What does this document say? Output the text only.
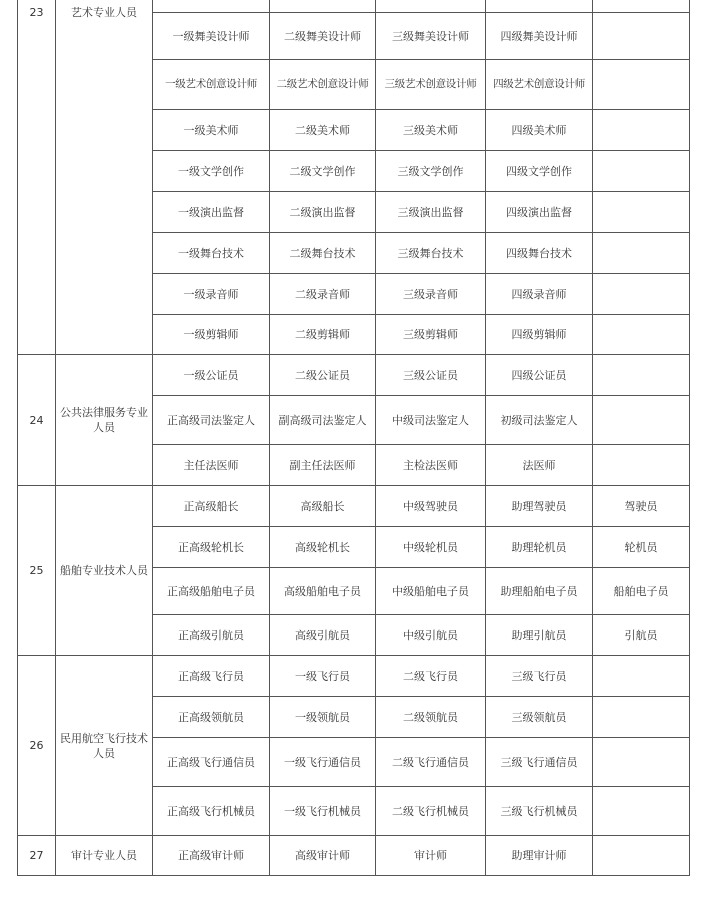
23	艺术专业人员					
		一级舞美设计师	二级舞美设计师	三级舞美设计师	四级舞美设计师	
		一级艺术创意设计师	二级艺术创意设计师	三级艺术创意设计师	四级艺术创意设计师	
		一级美术师	二级美术师	三级美术师	四级美术师	
		一级文学创作	二级文学创作	三级文学创作	四级文学创作	
		一级演出监督	二级演出监督	三级演出监督	四级演出监督	
		一级舞台技术	二级舞台技术	三级舞台技术	四级舞台技术	
		一级录音师	二级录音师	三级录音师	四级录音师	
		一级剪辑师	二级剪辑师	三级剪辑师	四级剪辑师	
24	公共法律服务专业人员	一级公证员	二级公证员	三级公证员	四级公证员	
		正高级司法鉴定人	副高级司法鉴定人	中级司法鉴定人	初级司法鉴定人	
		主任法医师	副主任法医师	主检法医师	法医师	
25	船舶专业技术人员	正高级船长	高级船长	中级驾驶员	助理驾驶员	驾驶员
		正高级轮机长	高级轮机长	中级轮机员	助理轮机员	轮机员
		正高级船舶电子员	高级船舶电子员	中级船舶电子员	助理船舶电子员	船舶电子员
		正高级引航员	高级引航员	中级引航员	助理引航员	引航员
26	民用航空飞行技术人员	正高级飞行员	一级飞行员	二级飞行员	三级飞行员	
		正高级领航员	一级领航员	二级领航员	三级领航员	
		正高级飞行通信员	一级飞行通信员	二级飞行通信员	三级飞行通信员	
		正高级飞行机械员	一级飞行机械员	二级飞行机械员	三级飞行机械员	
27	审计专业人员	正高级审计师	高级审计师	审计师	助理审计师	
